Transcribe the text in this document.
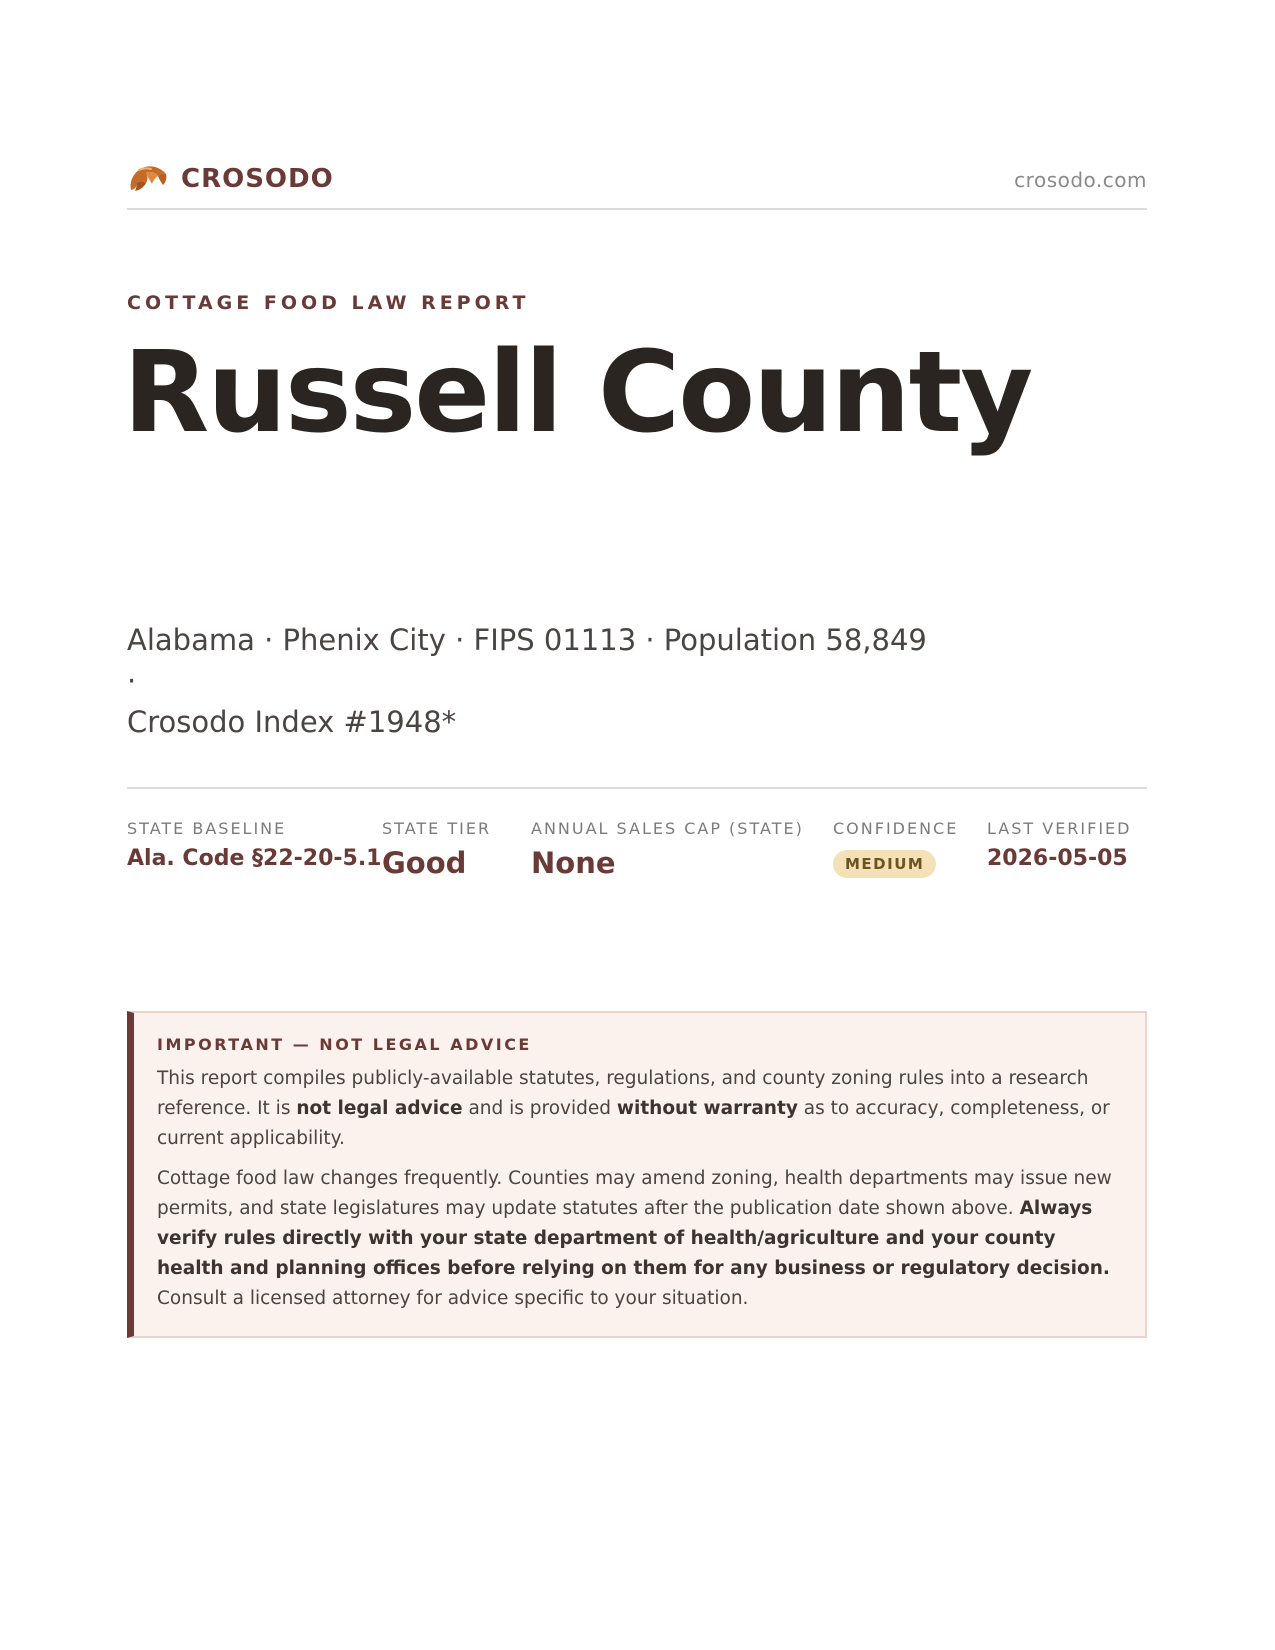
CROSODO	crosodo.com
COTTAGE FOOD LAW REPORT
Russell County
Alabama · Phenix City · FIPS 01113 · Population 58,849 ·
Crosodo Index #1948*
STATE BASELINE
Ala. Code §22-20-5.1
STATE TIER
Good
ANNUAL SALES CAP (STATE)
None
CONFIDENCE
MEDIUM
LAST VERIFIED
2026-05-05
IMPORTANT — NOT LEGAL ADVICE

This report compiles publicly-available statutes, regulations, and county zoning rules into a research reference. It is not legal advice and is provided without warranty as to accuracy, completeness, or current applicability.

Cottage food law changes frequently. Counties may amend zoning, health departments may issue new permits, and state legislatures may update statutes after the publication date shown above. Always verify rules directly with your state department of health/agriculture and your county health and planning offices before relying on them for any business or regulatory decision. Consult a licensed attorney for advice specific to your situation.
